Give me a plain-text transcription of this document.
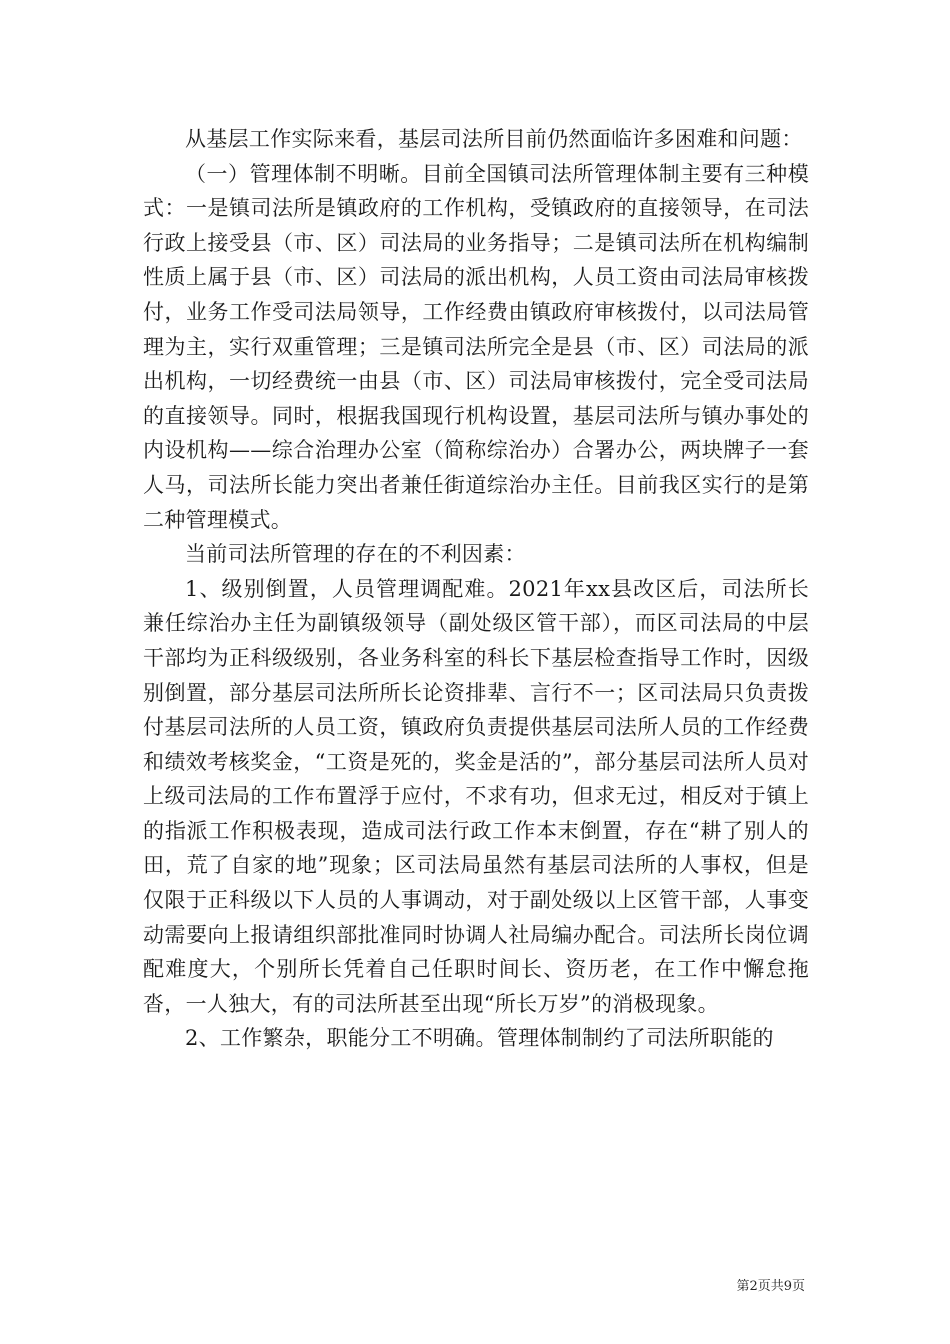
从基层工作实际来看，基层司法所目前仍然面临许多困难和问题：

（一）管理体制不明晰。目前全国镇司法所管理体制主要有三种模式：一是镇司法所是镇政府的工作机构，受镇政府的直接领导，在司法行政上接受县（市、区）司法局的业务指导；二是镇司法所在机构编制性质上属于县（市、区）司法局的派出机构，人员工资由司法局审核拨付，业务工作受司法局领导，工作经费由镇政府审核拨付，以司法局管理为主，实行双重管理；三是镇司法所完全是县（市、区）司法局的派出机构，一切经费统一由县（市、区）司法局审核拨付，完全受司法局的直接领导。同时，根据我国现行机构设置，基层司法所与镇办事处的内设机构——综合治理办公室（简称综治办）合署办公，两块牌子一套人马，司法所长能力突出者兼任街道综治办主任。目前我区实行的是第二种管理模式。

当前司法所管理的存在的不利因素：

1、级别倒置，人员管理调配难。2021年xx县改区后，司法所长兼任综治办主任为副镇级领导（副处级区管干部），而区司法局的中层干部均为正科级级别，各业务科室的科长下基层检查指导工作时，因级别倒置，部分基层司法所所长论资排辈、言行不一；区司法局只负责拨付基层司法所的人员工资，镇政府负责提供基层司法所人员的工作经费和绩效考核奖金，“工资是死的，奖金是活的”，部分基层司法所人员对上级司法局的工作布置浮于应付，不求有功，但求无过，相反对于镇上的指派工作积极表现，造成司法行政工作本末倒置，存在“耕了别人的田，荒了自家的地”现象；区司法局虽然有基层司法所的人事权，但是仅限于正科级以下人员的人事调动，对于副处级以上区管干部，人事变动需要向上报请组织部批准同时协调人社局编办配合。司法所长岗位调配难度大，个别所长凭着自己任职时间长、资历老，在工作中懈怠拖沓，一人独大，有的司法所甚至出现“所长万岁”的消极现象。

2、工作繁杂，职能分工不明确。管理体制制约了司法所职能的

第2页共9页
